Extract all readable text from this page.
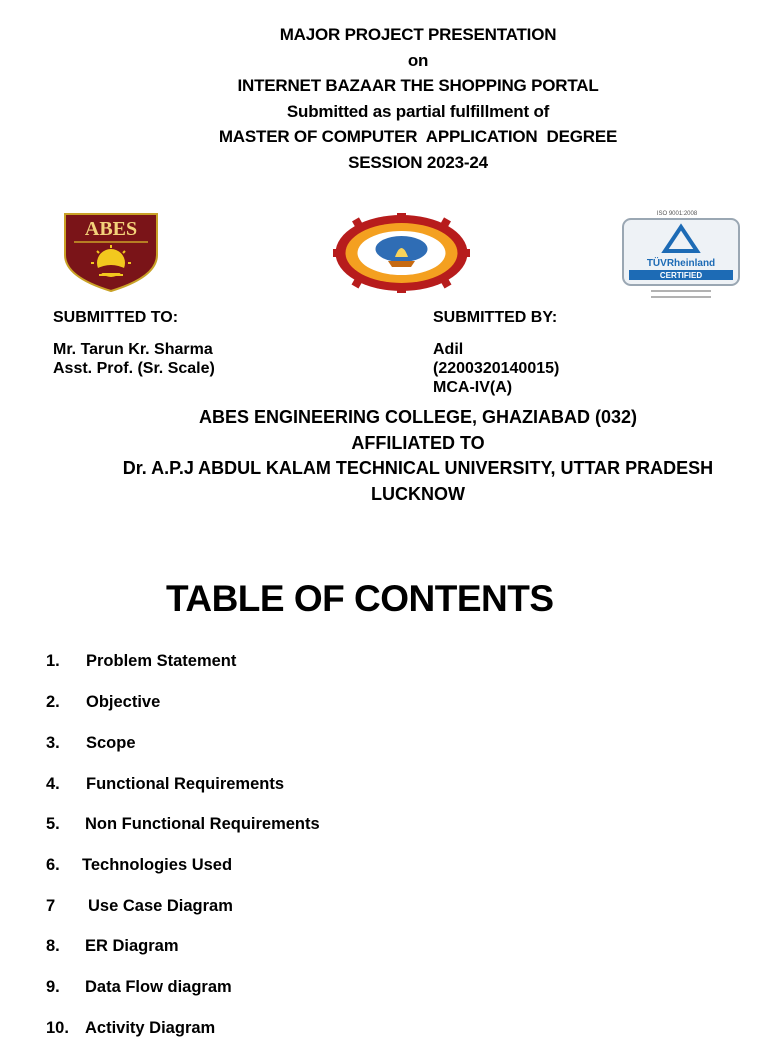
MAJOR PROJECT PRESENTATION
on
INTERNET BAZAAR THE SHOPPING PORTAL
Submitted as partial fulfillment of
MASTER OF COMPUTER  APPLICATION  DEGREE
SESSION 2023-24
ABES
ISO 9001:2008
TÜVRheinland
CERTIFIED
SUBMITTED TO:	SUBMITTED BY:
Mr. Tarun Kr. Sharma
Asst. Prof. (Sr. Scale)
Adil
(2200320140015)
MCA-IV(A)
ABES ENGINEERING COLLEGE, GHAZIABAD (032)
AFFILIATED TO
Dr. A.P.J ABDUL KALAM TECHNICAL UNIVERSITY, UTTAR PRADESH
LUCKNOW
TABLE OF CONTENTS
1. Problem Statement
2. Objective
3. Scope
4. Functional Requirements
5. Non Functional Requirements
6. Technologies Used
7 Use Case Diagram
8. ER Diagram
9. Data Flow diagram
10. Activity Diagram
